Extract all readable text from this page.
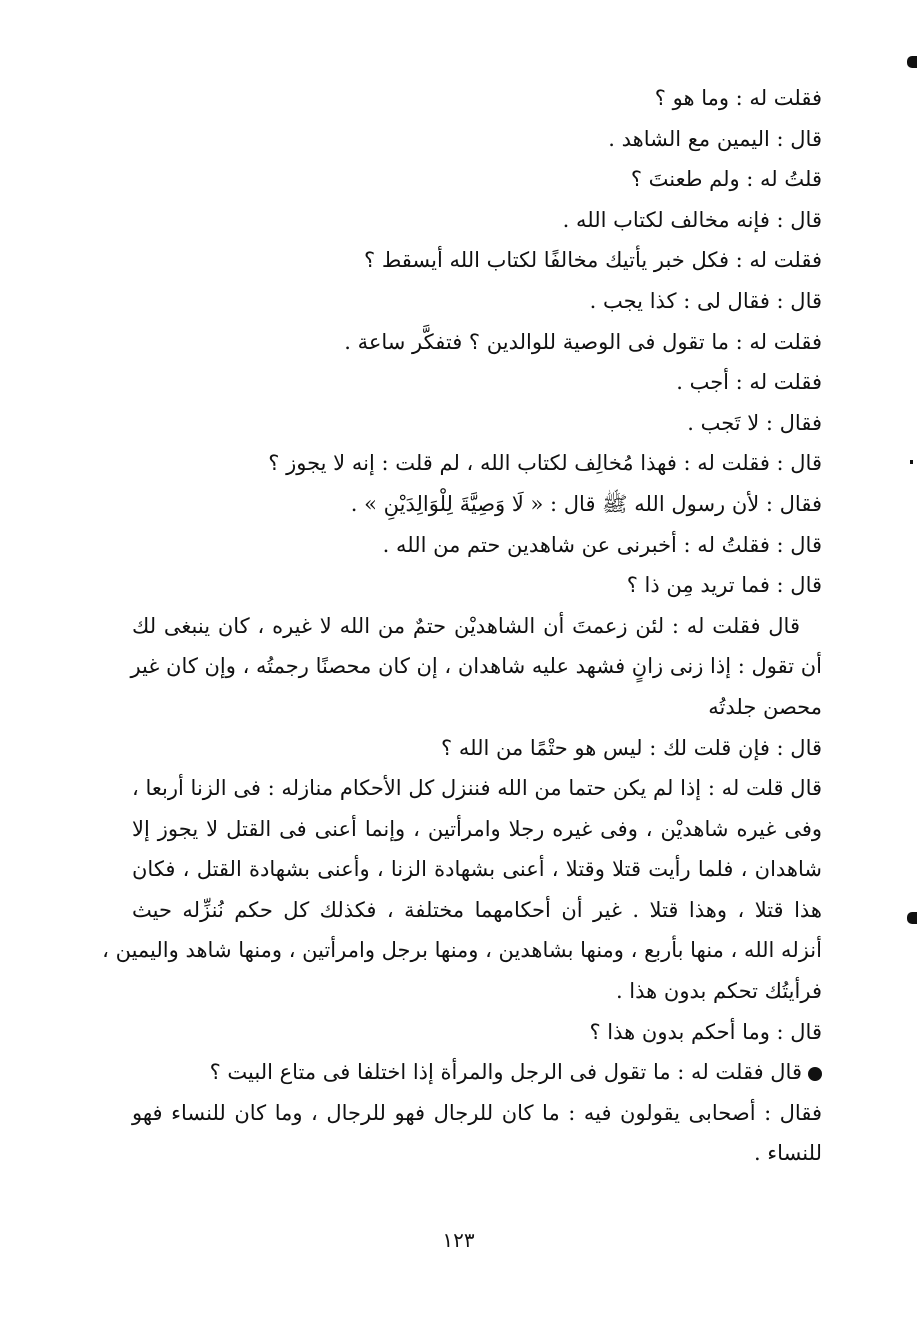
فقلت له : وما هو ؟
قال : اليمين مع الشاهد .
قلتُ له : ولم طعنتَ ؟
قال : فإنه مخالف لكتاب الله .
فقلت له : فكل خبر يأتيك مخالفًا لكتاب الله أيسقط ؟
قال : فقال لى : كذا يجب .
فقلت له : ما تقول فى الوصية للوالدين ؟ فتفكَّر ساعة .
فقلت له : أجب .
فقال : لا تَجب .
قال : فقلت له : فهذا مُخالِف لكتاب الله ، لم قلت : إنه لا يجوز ؟
فقال : لأن رسول الله ﷺ قال : « لَا وَصِيَّةَ لِلْوَالِدَيْنِ » .
قال : فقلتُ له : أخبرنى عن شاهدين حتم من الله .
قال : فما تريد مِن ذا ؟
قال فقلت له : لئن زعمتَ أن الشاهديْن حتمٌ من الله لا غيره ، كان ينبغى لك
أن تقول : إذا زنى زانٍ فشهد عليه شاهدان ، إن كان محصنًا رجمتُه ، وإن كان غير
محصن جلدتُه
قال : فإن قلت لك : ليس هو حتْمًا من الله ؟
قال قلت له : إذا لم يكن حتما من الله فننزل كل الأحكام منازله : فى الزنا أربعا ،
وفى غيره شاهديْن ، وفى غيره رجلا وامرأتين ، وإنما أعنى فى القتل لا يجوز إلا
شاهدان ، فلما رأيت قتلا وقتلا ، أعنى بشهادة الزنا ، وأعنى بشهادة القتل ، فكان
هذا قتلا ، وهذا قتلا . غير أن أحكامهما مختلفة ، فكذلك كل حكم نُنزِّله حيث
أنزله الله ، منها بأربع ، ومنها بشاهدين ، ومنها برجل وامرأتين ، ومنها شاهد واليمين ،
فرأيتُك تحكم بدون هذا .
قال : وما أحكم بدون هذا ؟
قال فقلت له : ما تقول فى الرجل والمرأة إذا اختلفا فى متاع البيت ؟
فقال : أصحابى يقولون فيه : ما كان للرجال فهو للرجال ، وما كان للنساء فهو
للنساء .
١٢٣
